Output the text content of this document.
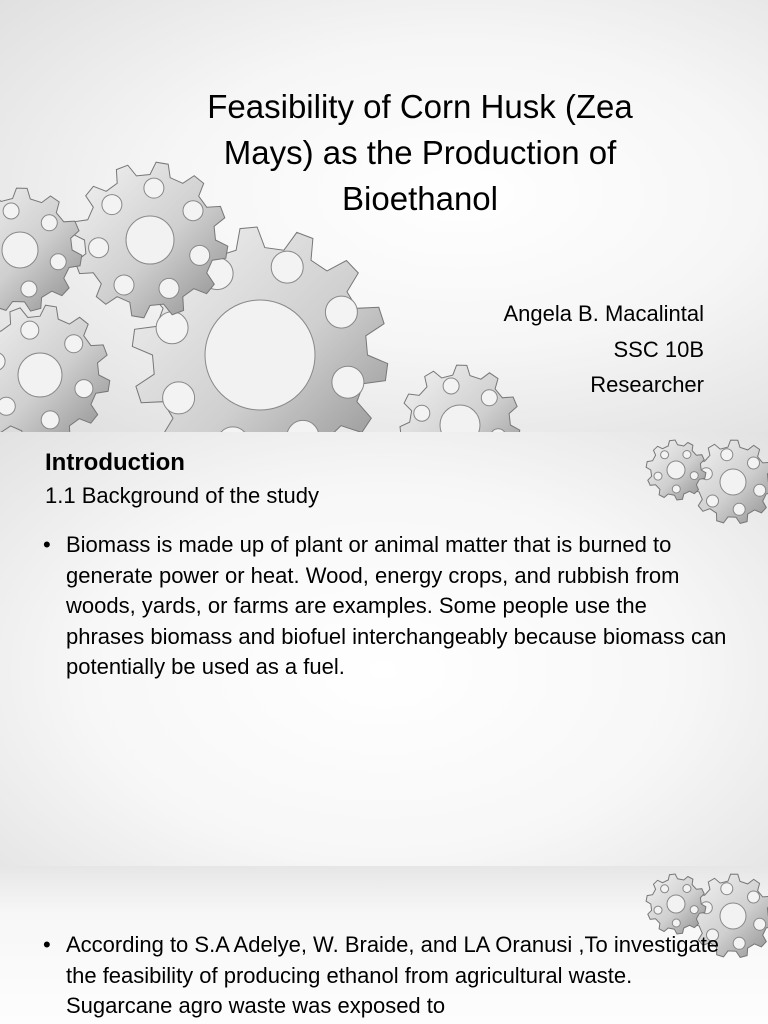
Feasibility of Corn Husk (Zea Mays) as the Production of Bioethanol
Angela B. Macalintal
SSC 10B
Researcher
Introduction
1.1 Background of the study
• Biomass is made up of plant or animal matter that is burned to generate power or heat. Wood, energy crops, and rubbish from woods, yards, or farms are examples. Some people use the phrases biomass and biofuel interchangeably because biomass can potentially be used as a fuel.
• According to S.A Adelye, W. Braide, and LA Oranusi ,To investigate the feasibility of producing ethanol from agricultural waste. Sugarcane agro waste was exposed to
